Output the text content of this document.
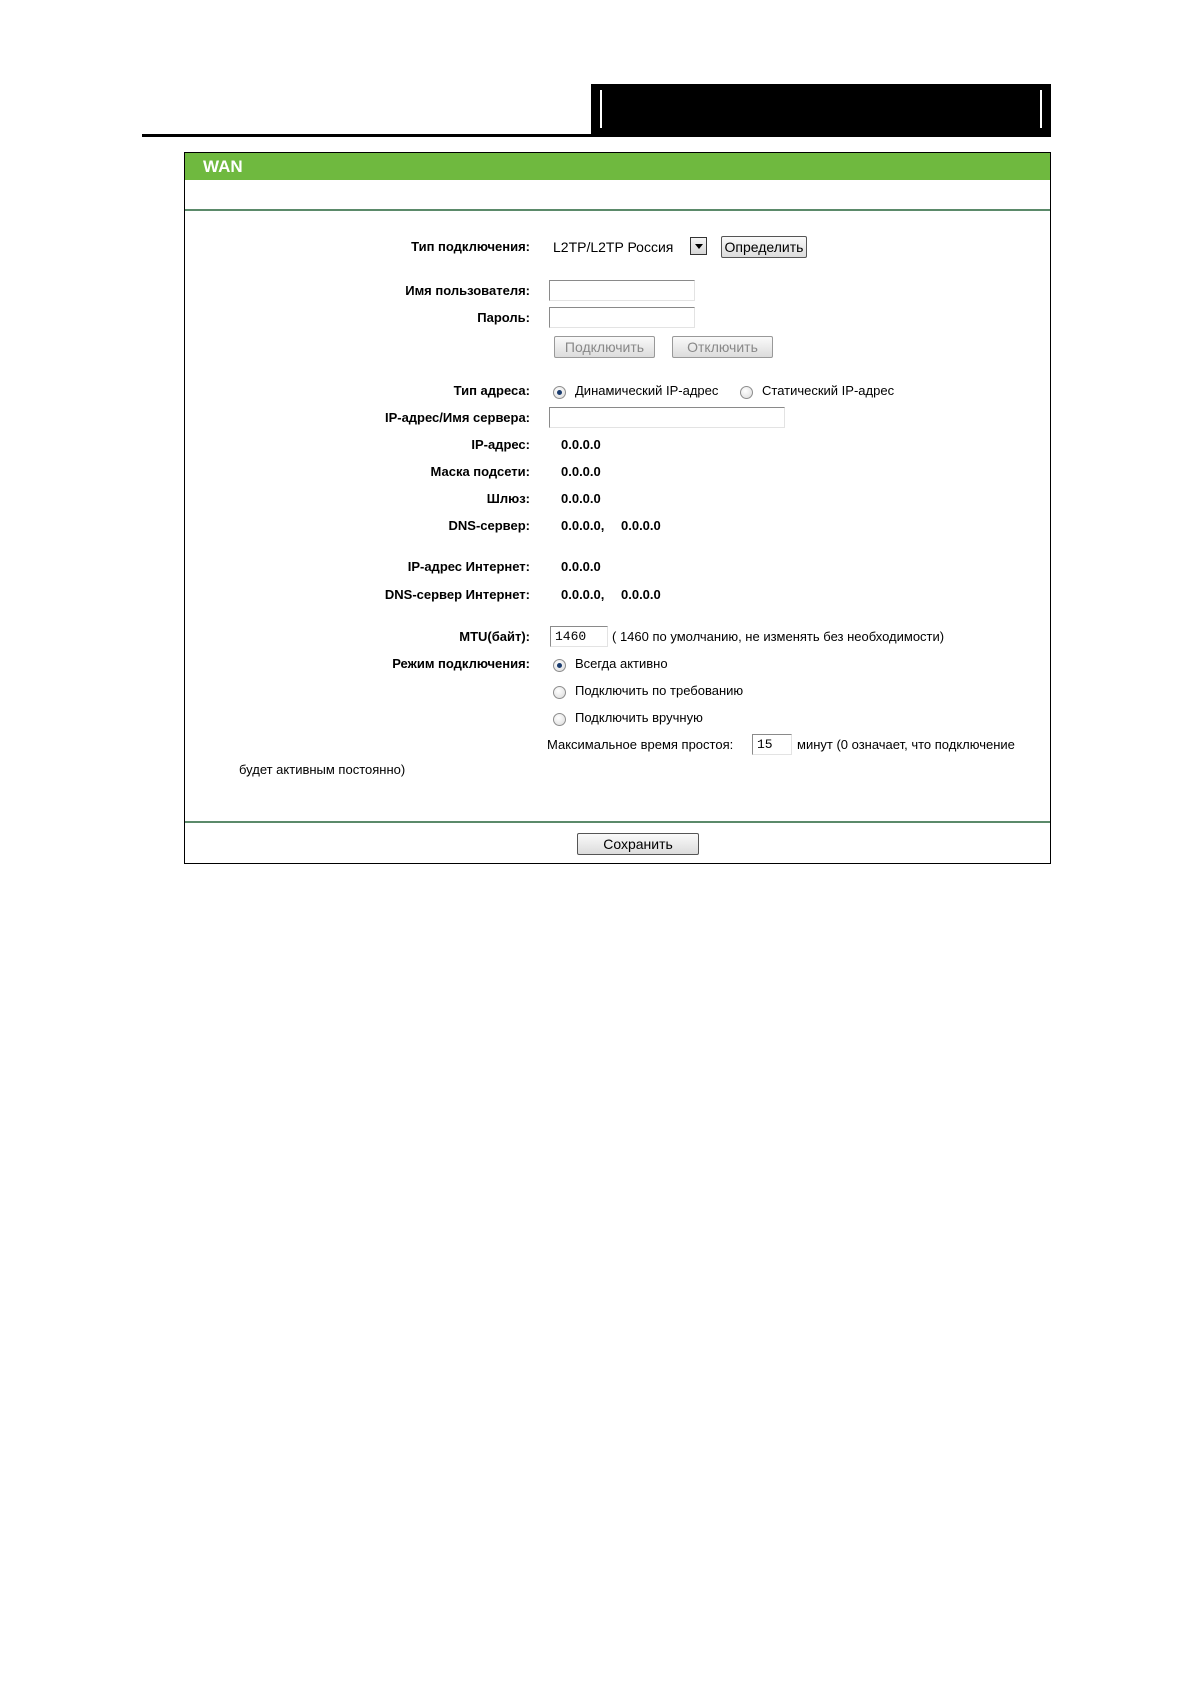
WAN
Тип подключения: L2TP/L2TP Россия	Определить
Имя пользователя:
Пароль:
Подключить	Отключить
Тип адреса:	Динамический IP-адрес	Статический IP-адрес
IP-адрес/Имя сервера:
IP-адрес: 0.0.0.0
Маска подсети: 0.0.0.0
Шлюз: 0.0.0.0
DNS-сервер: 0.0.0.0, 0.0.0.0
IP-адрес Интернет: 0.0.0.0
DNS-сервер Интернет: 0.0.0.0, 0.0.0.0
MTU(байт):
1460	( 1460 по умолчанию, не изменять без необходимости)
Режим подключения:	Всегда активно
Подключить по требованию
Подключить вручную
Максимальное время простоя:
15	минут (0 означает, что подключение
будет активным постоянно)
Сохранить
